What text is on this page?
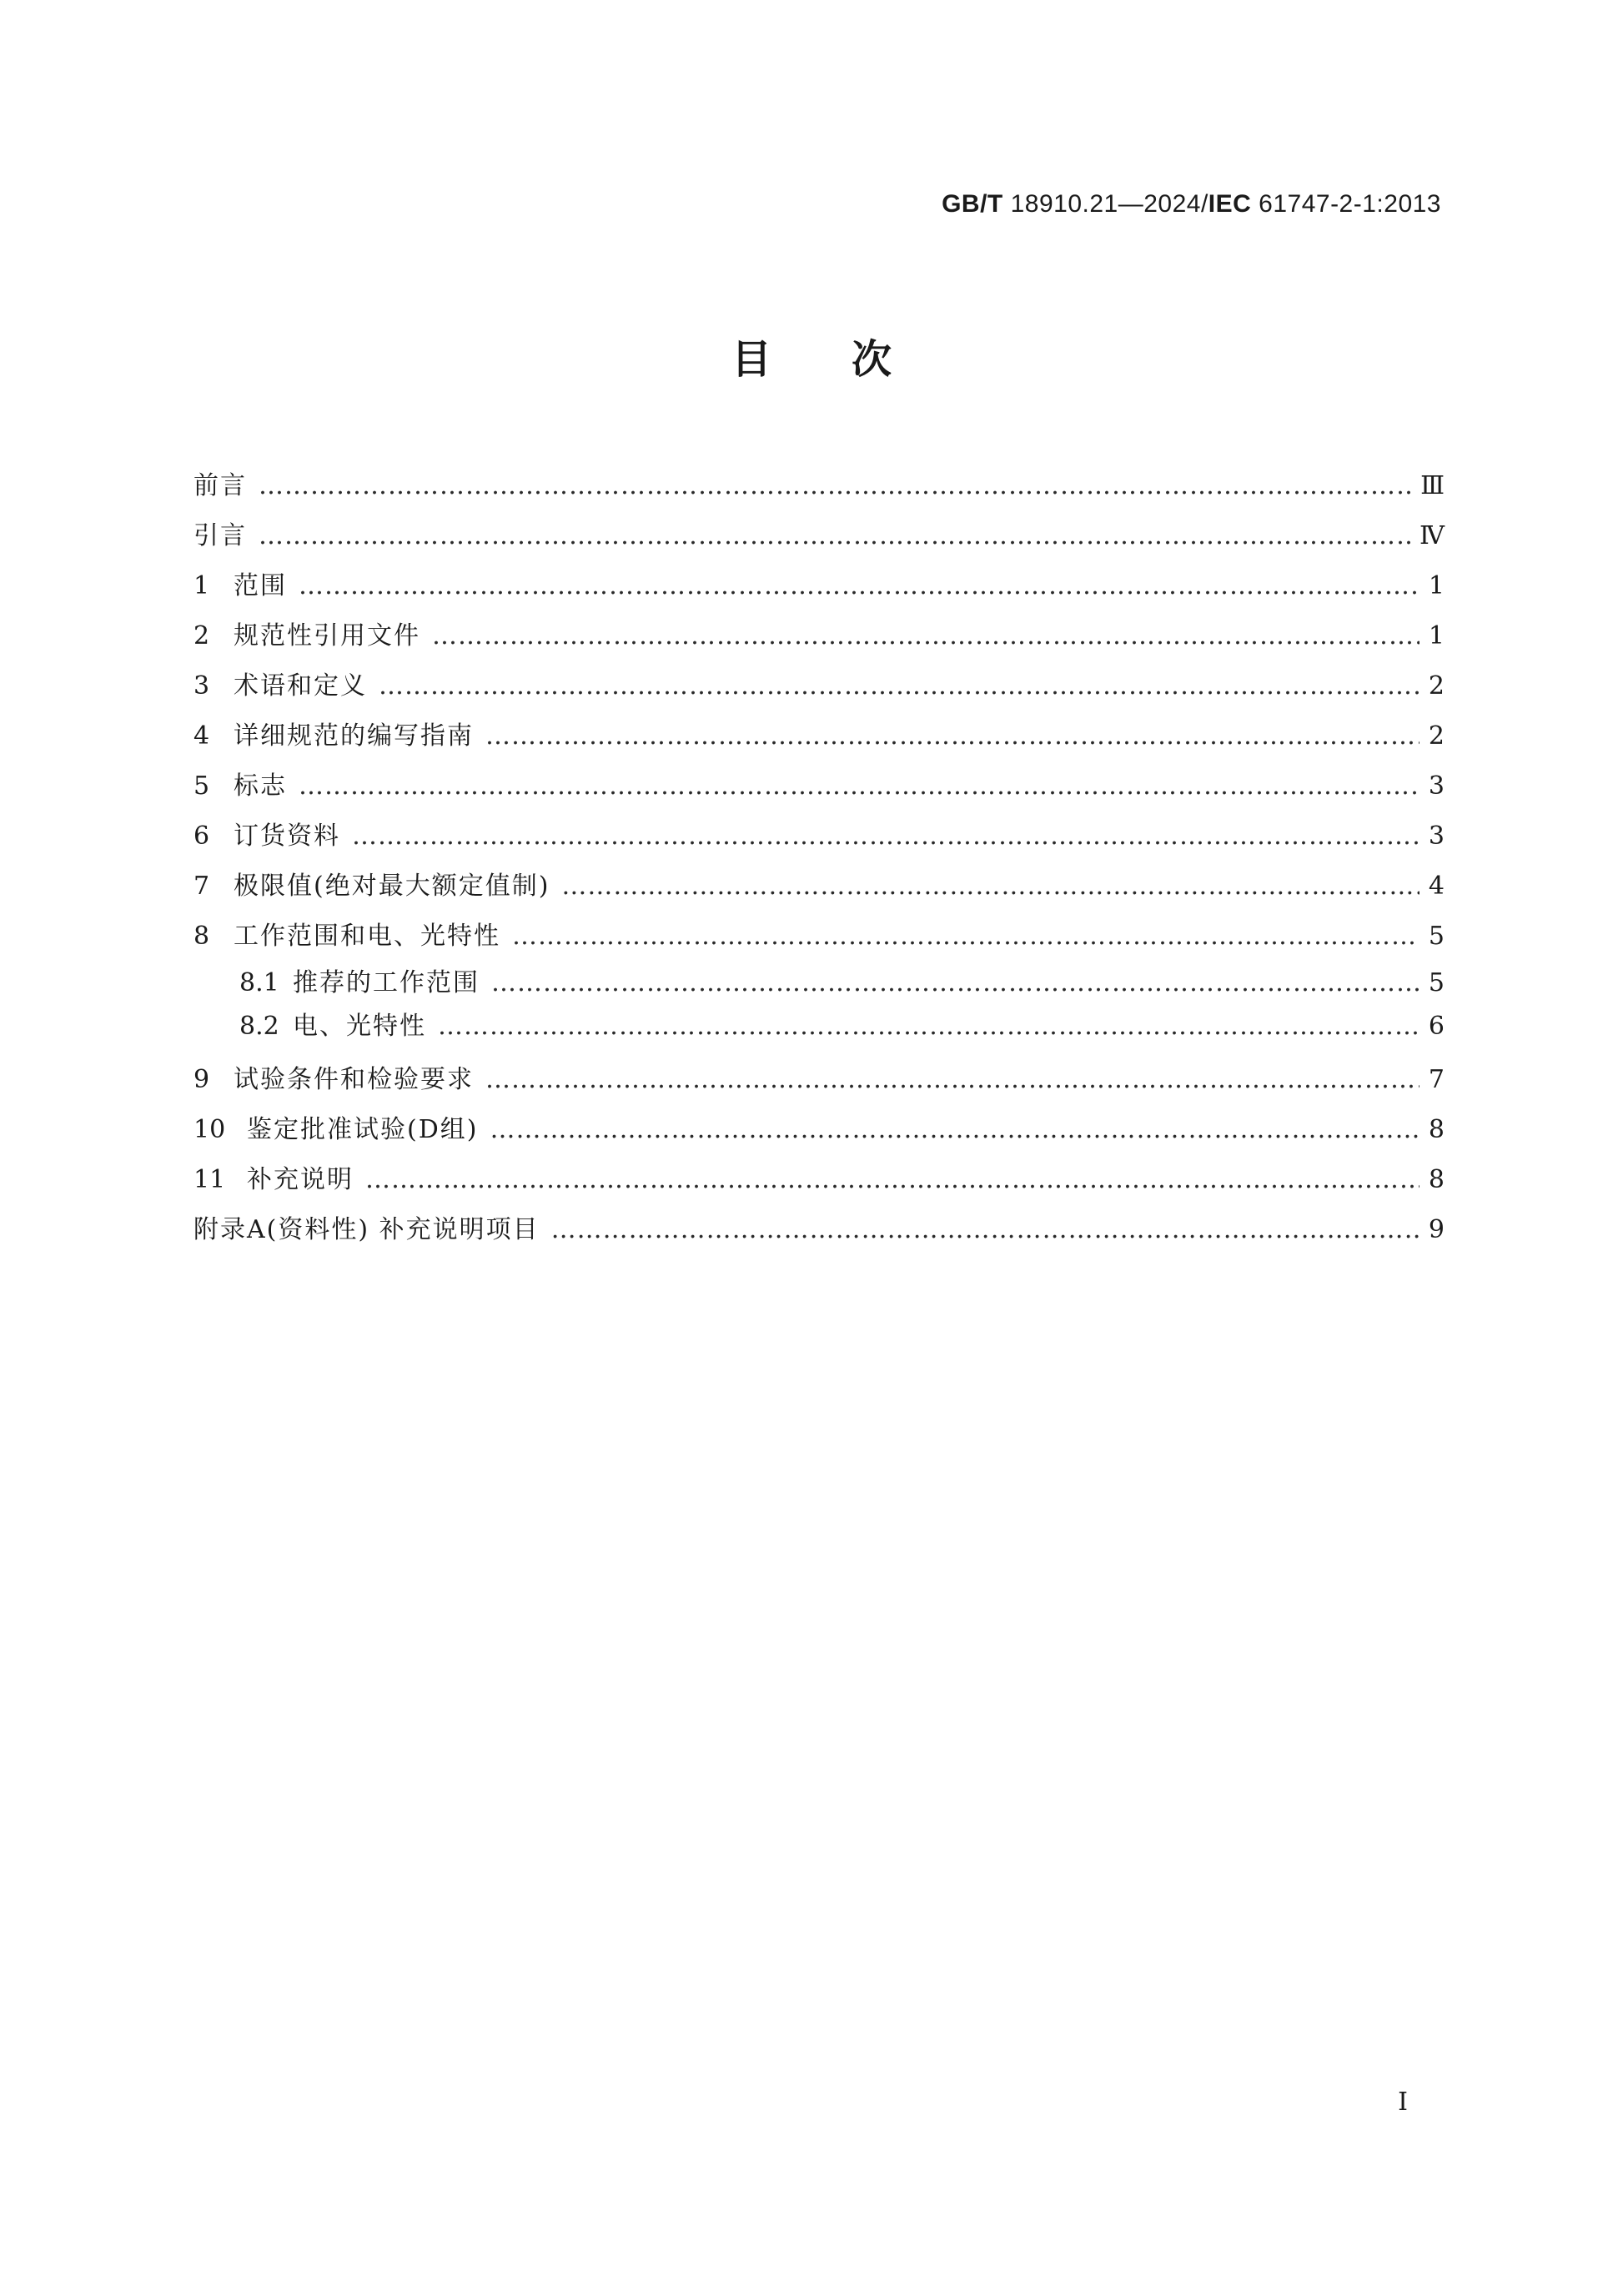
GB/T 18910.21—2024/IEC 61747-2-1:2013
目次
前言 …………………………………………………………………………………………………………………………………………………………………………………………………………………………	Ⅲ
引言 …………………………………………………………………………………………………………………………………………………………………………………………………………………………	Ⅳ
1 范围 …………………………………………………………………………………………………………………………………………………………………………………………………………………………	1
2 规范性引用文件 …………………………………………………………………………………………………………………………………………………………………………………………………………………………	1
3 术语和定义 …………………………………………………………………………………………………………………………………………………………………………………………………………………………	2
4 详细规范的编写指南 …………………………………………………………………………………………………………………………………………………………………………………………………………………………	2
5 标志 …………………………………………………………………………………………………………………………………………………………………………………………………………………………	3
6 订货资料 …………………………………………………………………………………………………………………………………………………………………………………………………………………………	3
7 极限值(绝对最大额定值制) …………………………………………………………………………………………………………………………………………………………………………………………………………………………	4
8 工作范围和电、光特性 …………………………………………………………………………………………………………………………………………………………………………………………………………………………	5
8.1 推荐的工作范围 …………………………………………………………………………………………………………………………………………………………………………………………………………………………	5
8.2 电、光特性 …………………………………………………………………………………………………………………………………………………………………………………………………………………………	6
9 试验条件和检验要求 …………………………………………………………………………………………………………………………………………………………………………………………………………………………	7
10 鉴定批准试验(D组) …………………………………………………………………………………………………………………………………………………………………………………………………………………………	8
11 补充说明 …………………………………………………………………………………………………………………………………………………………………………………………………………………………	8
附录A(资料性) 补充说明项目 …………………………………………………………………………………………………………………………………………………………………………………………………………………………	9
I
